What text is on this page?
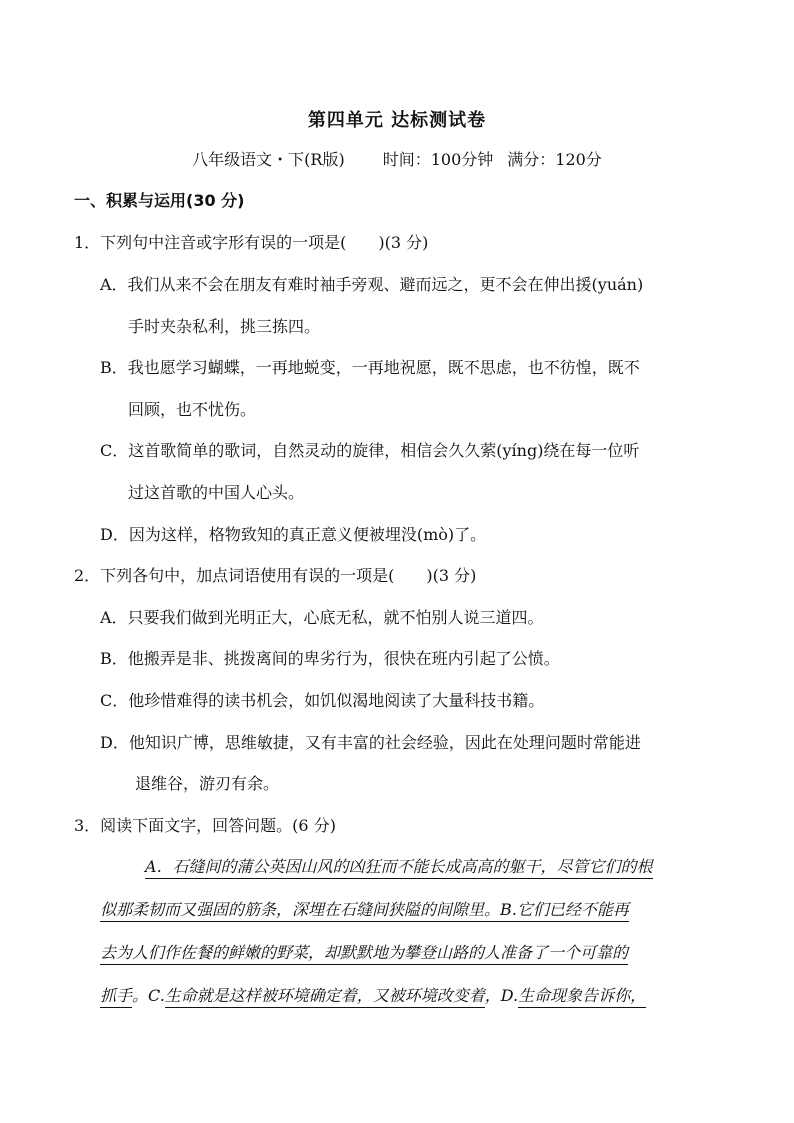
第四单元 达标测试卷
八年级语文・下(R版) 时间：100分钟 满分：120分
一、积累与运用(30 分)
1．下列句中注音或字形有误的一项是(　　)(3 分)
A．我们从来不会在朋友有难时袖手旁观、避而远之，更不会在伸出援(yuán)
手时夹杂私利，挑三拣四。
B．我也愿学习蝴蝶，一再地蜕变，一再地祝愿，既不思虑，也不彷惶，既不
回顾，也不忧伤。
C．这首歌简单的歌词，自然灵动的旋律，相信会久久萦(yíng)绕在每一位听
过这首歌的中国人心头。
D．因为这样，格物致知的真正意义便被埋没(mò)了。
2．下列各句中，加点词语使用有误的一项是(　　)(3 分)
A．只要我们做到光明正大，心底无私，就不怕别人说三道四。
B．他搬弄是非、挑拨离间的卑劣行为，很快在班内引起了公愤。
C．他珍惜难得的读书机会，如饥似渴地阅读了大量科技书籍。
D．他知识广博，思维敏捷，又有丰富的社会经验，因此在处理问题时常能进
退维谷，游刃有余。
3．阅读下面文字，回答问题。(6 分)
A．石缝间的蒲公英因山风的凶狂而不能长成高高的躯干，尽管它们的根
似那柔韧而又强固的筋条，深埋在石缝间狭隘的间隙里。B.它们已经不能再
去为人们作佐餐的鲜嫩的野菜，却默默地为攀登山路的人准备了一个可靠的
抓手。C.生命就是这样被环境确定着，又被环境改变着，D.生命现象告诉你，
